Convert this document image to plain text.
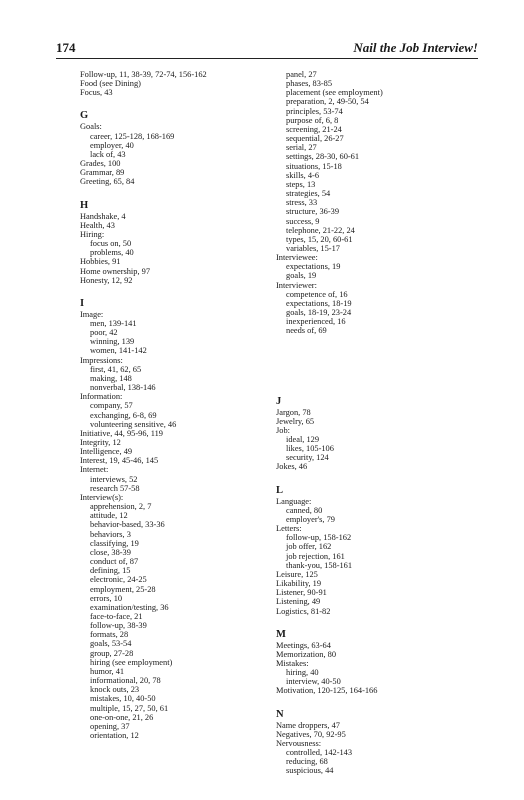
174	Nail the Job Interview!
Follow-up, 11, 38-39, 72-74, 156-162
Food (see Dining)
Focus, 43
G
Goals:
career, 125-128, 168-169
employer, 40
lack of, 43
Grades, 100
Grammar, 89
Greeting, 65, 84
H
Handshake, 4
Health, 43
Hiring:
focus on, 50
problems, 40
Hobbies, 91
Home ownership, 97
Honesty, 12, 92
I
Image:
men, 139-141
poor, 42
winning, 139
women, 141-142
Impressions:
first, 41, 62, 65
making, 148
nonverbal, 138-146
Information:
company, 57
exchanging, 6-8, 69
volunteering sensitive, 46
Initiative, 44, 95-96, 119
Integrity, 12
Intelligence, 49
Interest, 19, 45-46, 145
Internet:
interviews, 52
research 57-58
Interview(s):
apprehension, 2, 7
attitude, 12
behavior-based, 33-36
behaviors, 3
classifying, 19
close, 38-39
conduct of, 87
defining, 15
electronic, 24-25
employment, 25-28
errors, 10
examination/testing, 36
face-to-face, 21
follow-up, 38-39
formats, 28
goals, 53-54
group, 27-28
hiring (see employment)
humor, 41
informational, 20, 78
knock outs, 23
mistakes, 10, 40-50
multiple, 15, 27, 50, 61
one-on-one, 21, 26
opening, 37
orientation, 12
panel, 27
phases, 83-85
placement (see employment)
preparation, 2, 49-50, 54
principles, 53-74
purpose of, 6, 8
screening, 21-24
sequential, 26-27
serial, 27
settings, 28-30, 60-61
situations, 15-18
skills, 4-6
steps, 13
strategies, 54
stress, 33
structure, 36-39
success, 9
telephone, 21-22, 24
types, 15, 20, 60-61
variables, 15-17
Interviewee:
expectations, 19
goals, 19
Interviewer:
competence of, 16
expectations, 18-19
goals, 18-19, 23-24
inexperienced, 16
needs of, 69
J
Jargon, 78
Jewelry, 65
Job:
ideal, 129
likes, 105-106
security, 124
Jokes, 46
L
Language:
canned, 80
employer's, 79
Letters:
follow-up, 158-162
job offer, 162
job rejection, 161
thank-you, 158-161
Leisure, 125
Likability, 19
Listener, 90-91
Listening, 49
Logistics, 81-82
M
Meetings, 63-64
Memorization, 80
Mistakes:
hiring, 40
interview, 40-50
Motivation, 120-125, 164-166
N
Name droppers, 47
Negatives, 70, 92-95
Nervousness:
controlled, 142-143
reducing, 68
suspicious, 44
